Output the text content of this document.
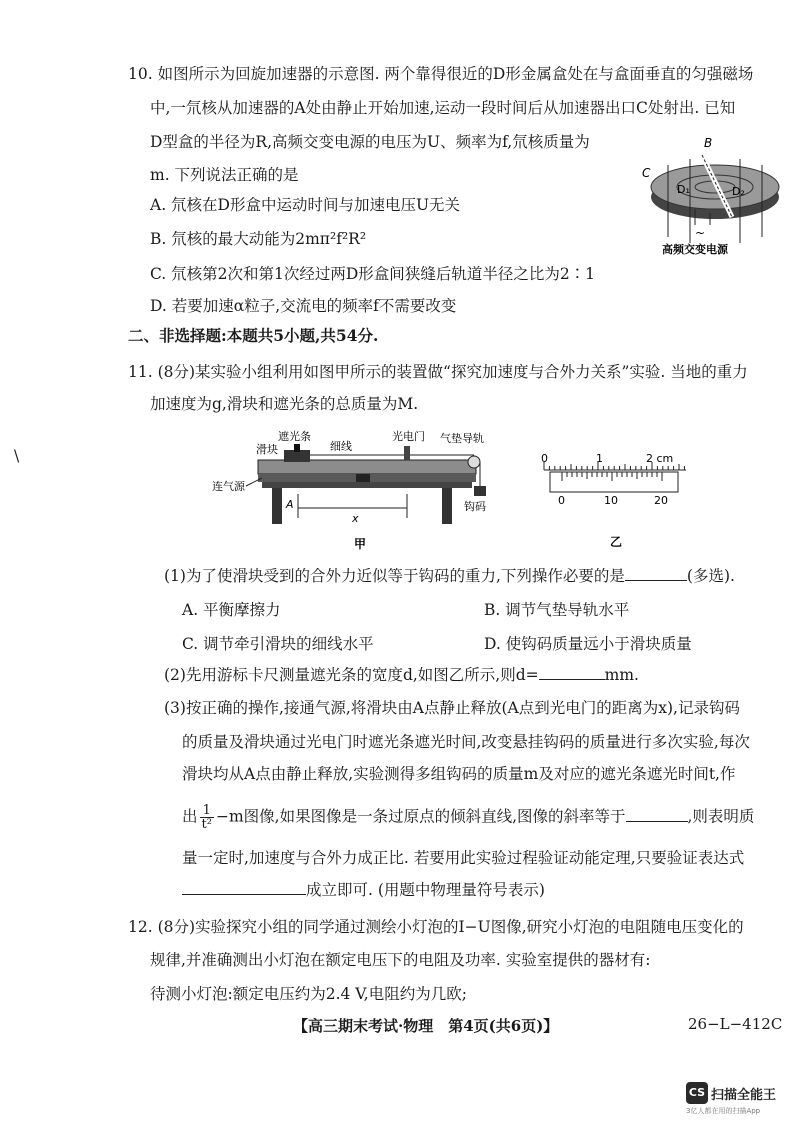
10. 如图所示为回旋加速器的示意图. 两个靠得很近的D形金属盒处在与盒面垂直的匀强磁场
中,一氘核从加速器的A处由静止开始加速,运动一段时间后从加速器出口C处射出. 已知
D型盒的半径为R,高频交变电源的电压为U、频率为f,氘核质量为
m. 下列说法正确的是
A. 氘核在D形盒中运动时间与加速电压U无关
B. 氘核的最大动能为2mπ²f²R²
C. 氘核第2次和第1次经过两D形盒间狭缝后轨道半径之比为2∶1
D. 若要加速α粒子,交流电的频率f不需要改变
B
C
D₁	D₂
~
高频交变电源
二、非选择题:本题共5小题,共54分.
11. (8分)某实验小组利用如图甲所示的装置做“探究加速度与合外力关系”实验. 当地的重力
加速度为g,滑块和遮光条的总质量为M.
\
遮光条
滑块	细线
光电门 气垫导轨
连气源
A
x
钩码
甲
0	1	2 cm
0	10	20
乙
(1)为了使滑块受到的合外力近似等于钩码的重力,下列操作必要的是	(多选).
A. 平衡摩擦力	B. 调节气垫导轨水平
C. 调节牵引滑块的细线水平	D. 使钩码质量远小于滑块质量
(2)先用游标卡尺测量遮光条的宽度d,如图乙所示,则d=	mm.
(3)按正确的操作,接通气源,将滑块由A点静止释放(A点到光电门的距离为x),记录钩码
的质量及滑块通过光电门时遮光条遮光时间,改变悬挂钩码的质量进行多次实验,每次
滑块均从A点由静止释放,实验测得多组钩码的质量m及对应的遮光条遮光时间t,作
出 $\frac{1}{\text{t²}} -m$图像,如果图像是一条过原点的倾斜直线,图像的斜率等于	,则表明质
量一定时,加速度与合外力成正比. 若要用此实验过程验证动能定理,只要验证表达式
成立即可. (用题中物理量符号表示)
12. (8分)实验探究小组的同学通过测绘小灯泡的I−U图像,研究小灯泡的电阻随电压变化的
规律,并准确测出小灯泡在额定电压下的电阻及功率. 实验室提供的器材有:
待测小灯泡:额定电压约为2.4 V,电阻约为几欧;
【高三期末考试·物理　第4页(共6页)】	26−L−412C
CS 扫描全能王
3亿人都在用的扫描App
